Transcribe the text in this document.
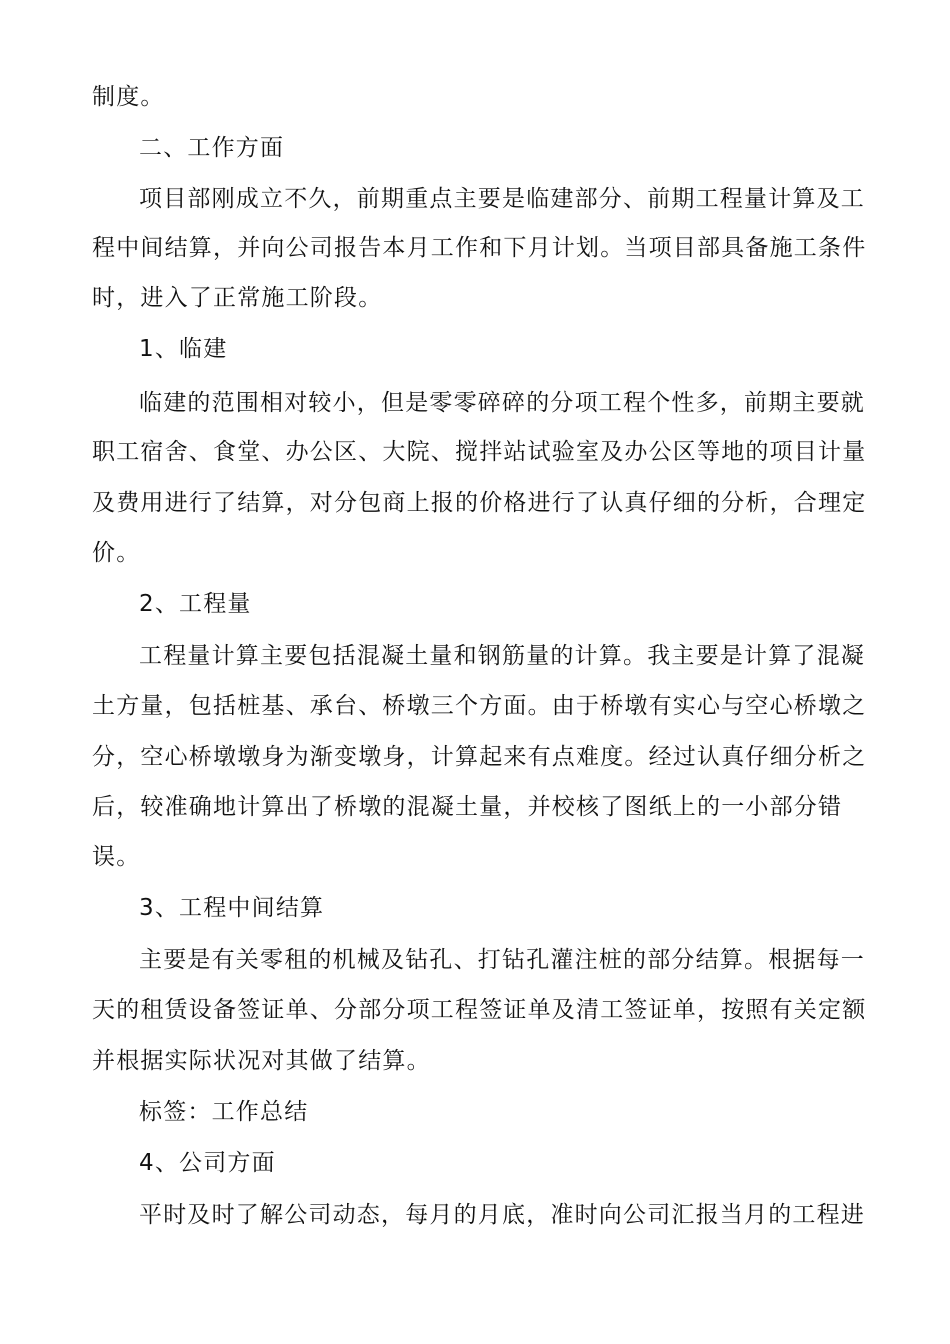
制度。
二、工作方面
项目部刚成立不久，前期重点主要是临建部分、前期工程量计算及工
程中间结算，并向公司报告本月工作和下月计划。当项目部具备施工条件
时，进入了正常施工阶段。
1、临建
临建的范围相对较小，但是零零碎碎的分项工程个性多，前期主要就
职工宿舍、食堂、办公区、大院、搅拌站试验室及办公区等地的项目计量
及费用进行了结算，对分包商上报的价格进行了认真仔细的分析，合理定
价。
2、工程量
工程量计算主要包括混凝土量和钢筋量的计算。我主要是计算了混凝
土方量，包括桩基、承台、桥墩三个方面。由于桥墩有实心与空心桥墩之
分，空心桥墩墩身为渐变墩身，计算起来有点难度。经过认真仔细分析之
后，较准确地计算出了桥墩的混凝土量，并校核了图纸上的一小部分错
误。
3、工程中间结算
主要是有关零租的机械及钻孔、打钻孔灌注桩的部分结算。根据每一
天的租赁设备签证单、分部分项工程签证单及清工签证单，按照有关定额
并根据实际状况对其做了结算。
标签：工作总结
4、公司方面
平时及时了解公司动态，每月的月底，准时向公司汇报当月的工程进
